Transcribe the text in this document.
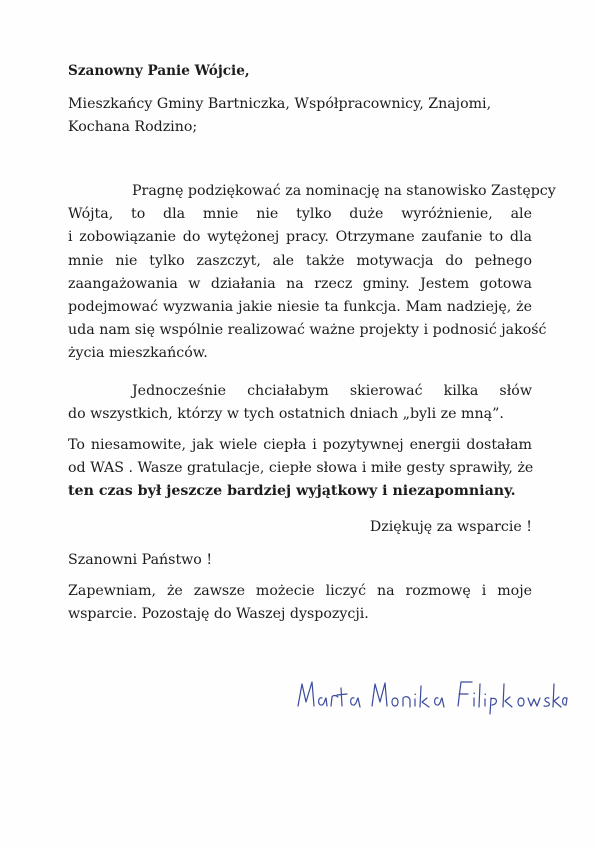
Szanowny Panie Wójcie,
Mieszkańcy Gminy Bartniczka, Współpracownicy, Znajomi,
Kochana Rodzino;
Pragnę podziękować za nominację na stanowisko Zastępcy
Wójta, to dla mnie nie tylko duże wyróżnienie, ale
i zobowiązanie do wytężonej pracy. Otrzymane zaufanie to dla
mnie nie tylko zaszczyt, ale także motywacja do pełnego
zaangażowania w działania na rzecz gminy. Jestem gotowa
podejmować wyzwania jakie niesie ta funkcja. Mam nadzieję, że
uda nam się wspólnie realizować ważne projekty i podnosić jakość
życia mieszkańców.
Jednocześnie chciałabym skierować kilka słów
do wszystkich, którzy w tych ostatnich dniach „byli ze mną”.
To niesamowite, jak wiele ciepła i pozytywnej energii dostałam
od WAS . Wasze gratulacje, ciepłe słowa i miłe gesty sprawiły, że
ten czas był jeszcze bardziej wyjątkowy i niezapomniany.
Dziękuję za wsparcie !
Szanowni Państwo !
Zapewniam, że zawsze możecie liczyć na rozmowę i moje
wsparcie. Pozostaję do Waszej dyspozycji.
